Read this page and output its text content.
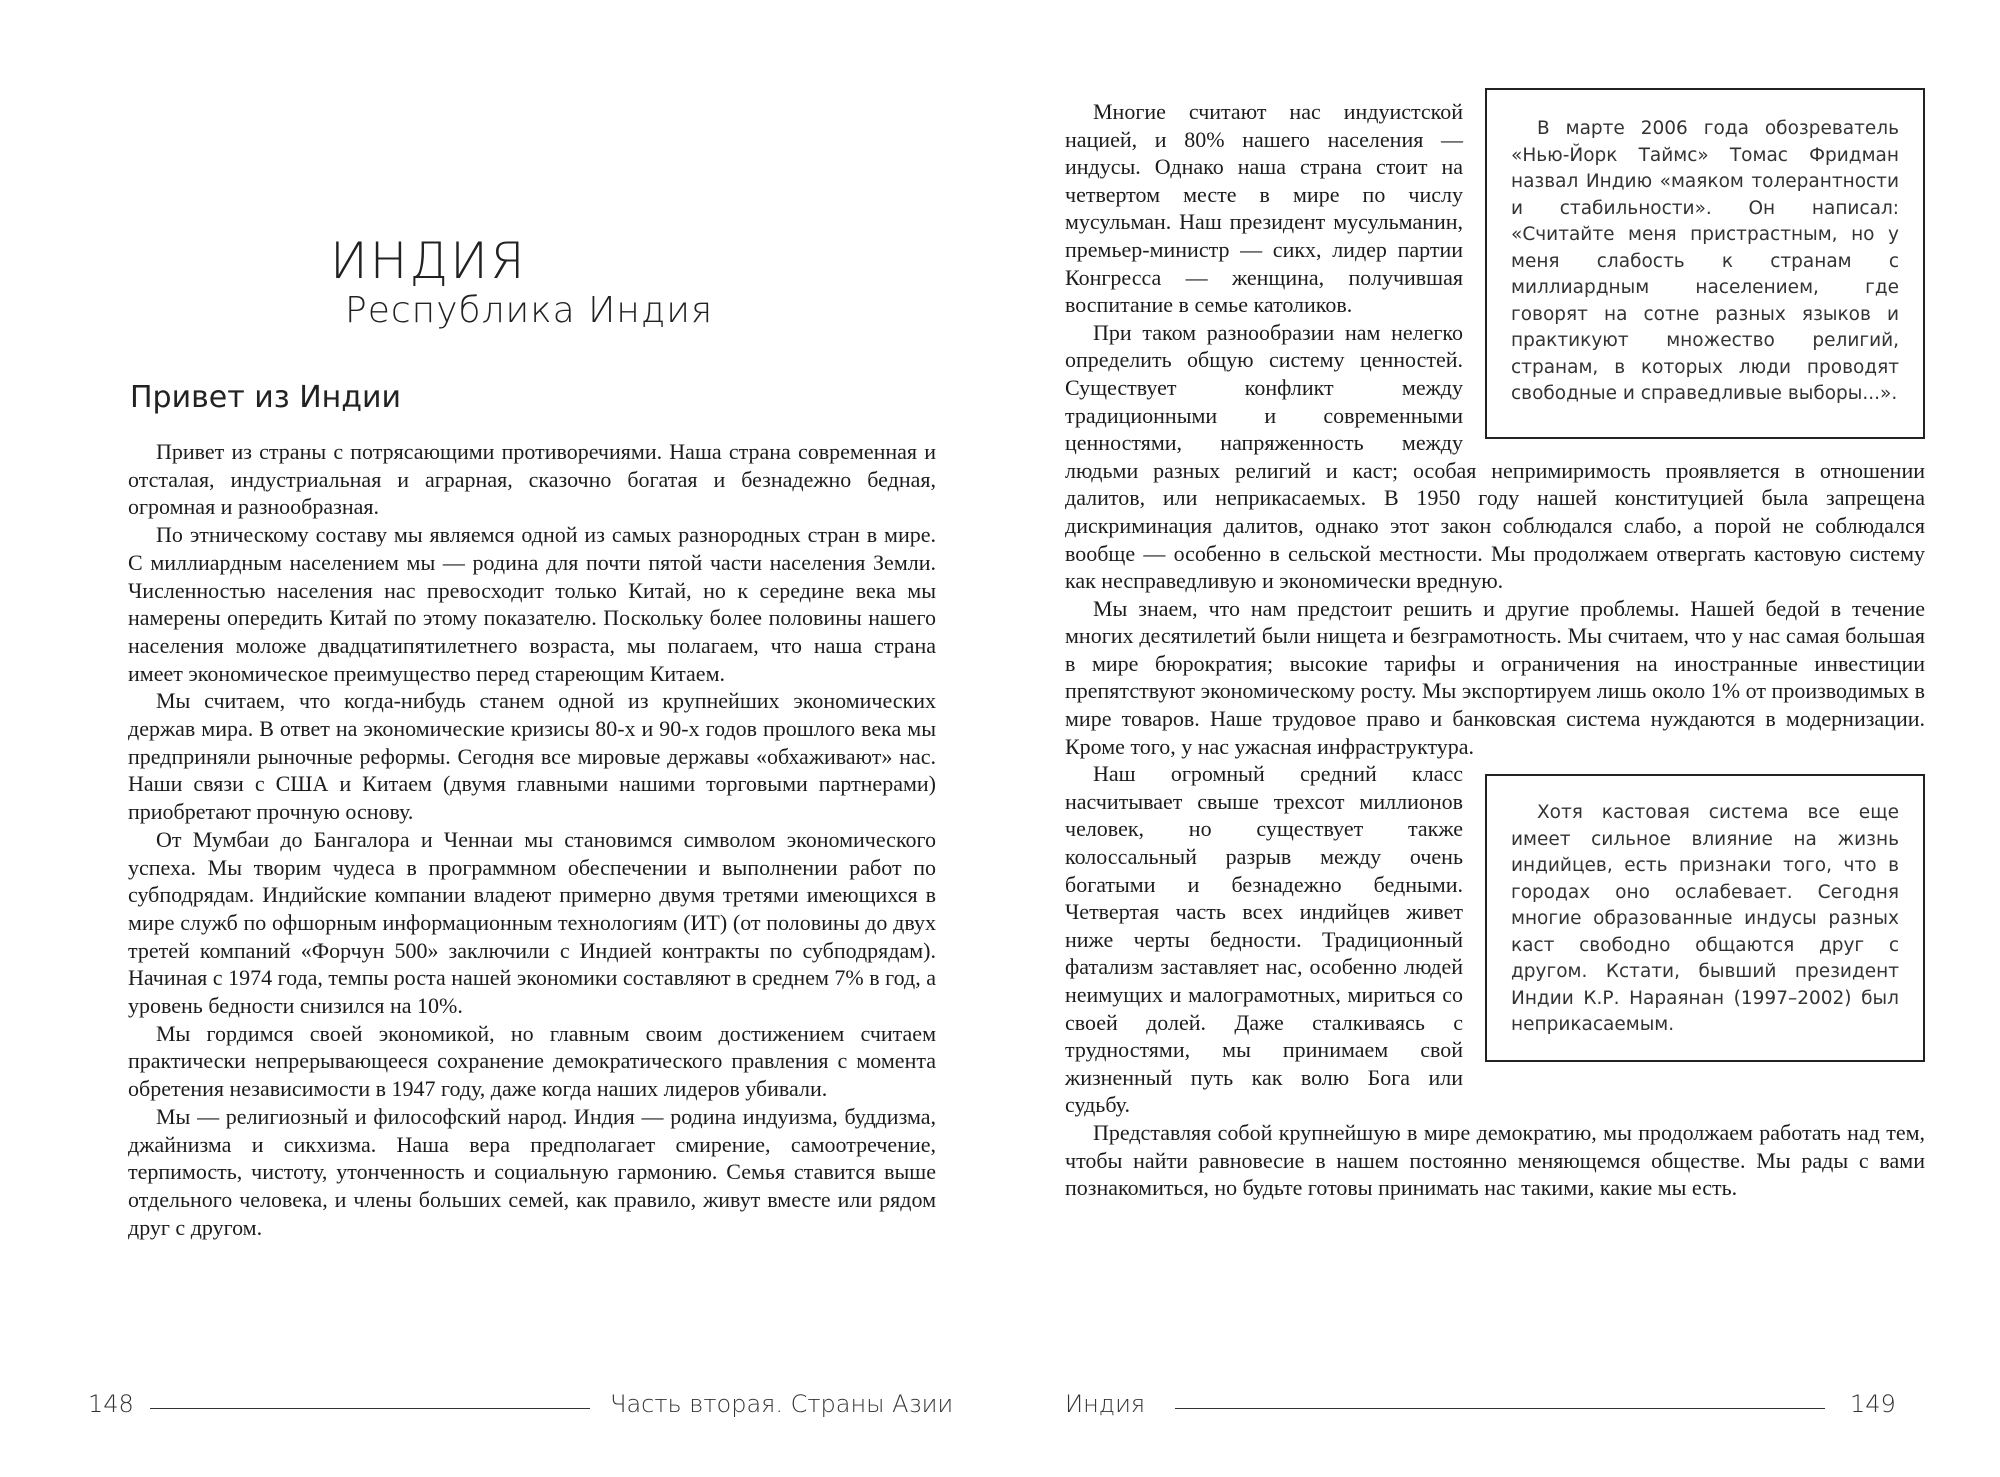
ИНДИЯ
Республика Индия
Привет из Индии

Привет из страны с потрясающими противоречиями. Наша страна современная и отсталая, индустриальная и аграрная, сказочно богатая и безнадежно бедная, огромная и разнообразная.

По этническому составу мы являемся одной из самых разнородных стран в мире. С миллиардным населением мы — родина для почти пятой части населения Земли. Численностью населения нас превосходит только Китай, но к середине века мы намерены опередить Китай по этому показателю. Поскольку более половины нашего населения моложе двадцатипятилетнего возраста, мы полагаем, что наша страна имеет экономическое преимущество перед стареющим Китаем.

Мы считаем, что когда-нибудь станем одной из крупнейших экономических держав мира. В ответ на экономические кризисы 80-х и 90-х годов прошлого века мы предприняли рыночные реформы. Сегодня все мировые державы «обхаживают» нас. Наши связи с США и Китаем (двумя главными нашими торговыми партнерами) приобретают прочную основу.

От Мумбаи до Бангалора и Ченнаи мы становимся символом экономического успеха. Мы творим чудеса в программном обеспечении и выполнении работ по субподрядам. Индийские компании владеют примерно двумя третями имеющихся в мире служб по офшорным информационным технологиям (ИТ) (от половины до двух третей компаний «Форчун 500» заключили с Индией контракты по субподрядам). Начиная с 1974 года, темпы роста нашей экономики составляют в среднем 7% в год, а уровень бедности снизился на 10%.

Мы гордимся своей экономикой, но главным своим достижением считаем практически непрерывающееся сохранение демократического правления с момента обретения независимости в 1947 году, даже когда наших лидеров убивали.

Мы — религиозный и философский народ. Индия — родина индуизма, буддизма, джайнизма и сикхизма. Наша вера предполагает смирение, самоотречение, терпимость, чистоту, утонченность и социальную гармонию. Семья ставится выше отдельного человека, и члены больших семей, как правило, живут вместе или рядом друг с другом.

148	Часть вторая. Страны Азии

В марте 2006 года обозреватель «Нью-Йорк Таймс» Томас Фридман назвал Индию «маяком толерантности и стабильности». Он написал: «Считайте меня пристрастным, но у меня слабость к странам с миллиардным населением, где говорят на сотне разных языков и практикуют множество религий, странам, в которых люди проводят свободные и справедливые выборы...».

Многие считают нас индуистской нацией, и 80% нашего населения — индусы. Однако наша страна стоит на четвертом месте в мире по числу мусульман. Наш президент мусульманин, премьер-министр — сикх, лидер партии Конгресса — женщина, получившая воспитание в семье католиков.

При таком разнообразии нам нелегко определить общую систему ценностей. Существует конфликт между традиционными и современными ценностями, напряженность между людьми разных религий и каст; особая непримиримость проявляется в отношении далитов, или неприкасаемых. В 1950 году нашей конституцией была запрещена дискриминация далитов, однако этот закон соблюдался слабо, а порой не соблюдался вообще — особенно в сельской местности. Мы продолжаем отвергать кастовую систему как несправедливую и экономически вредную.

Мы знаем, что нам предстоит решить и другие проблемы. Нашей бедой в течение многих десятилетий были нищета и безграмотность. Мы считаем, что у нас самая большая в мире бюрократия; высокие тарифы и ограничения на иностранные инвестиции препятствуют экономическому росту. Мы экспортируем лишь около 1% от производимых в мире товаров. Наше трудовое право и банковская система нуждаются в модернизации. Кроме того, у нас ужасная инфраструктура.

Хотя кастовая система все еще имеет сильное влияние на жизнь индийцев, есть признаки того, что в городах оно ослабевает. Сегодня многие образованные индусы разных каст свободно общаются друг с другом. Кстати, бывший президент Индии К.Р. Нараянан (1997–2002) был неприкасаемым.

Наш огромный средний класс насчитывает свыше трехсот миллионов человек, но существует также колоссальный разрыв между очень богатыми и безнадежно бедными. Четвертая часть всех индийцев живет ниже черты бедности. Традиционный фатализм заставляет нас, особенно людей неимущих и малограмотных, мириться со своей долей. Даже сталкиваясь с трудностями, мы принимаем свой жизненный путь как волю Бога или судьбу.

Представляя собой крупнейшую в мире демократию, мы продолжаем работать над тем, чтобы найти равновесие в нашем постоянно меняющемся обществе. Мы рады с вами познакомиться, но будьте готовы принимать нас такими, какие мы есть.

Индия	149
